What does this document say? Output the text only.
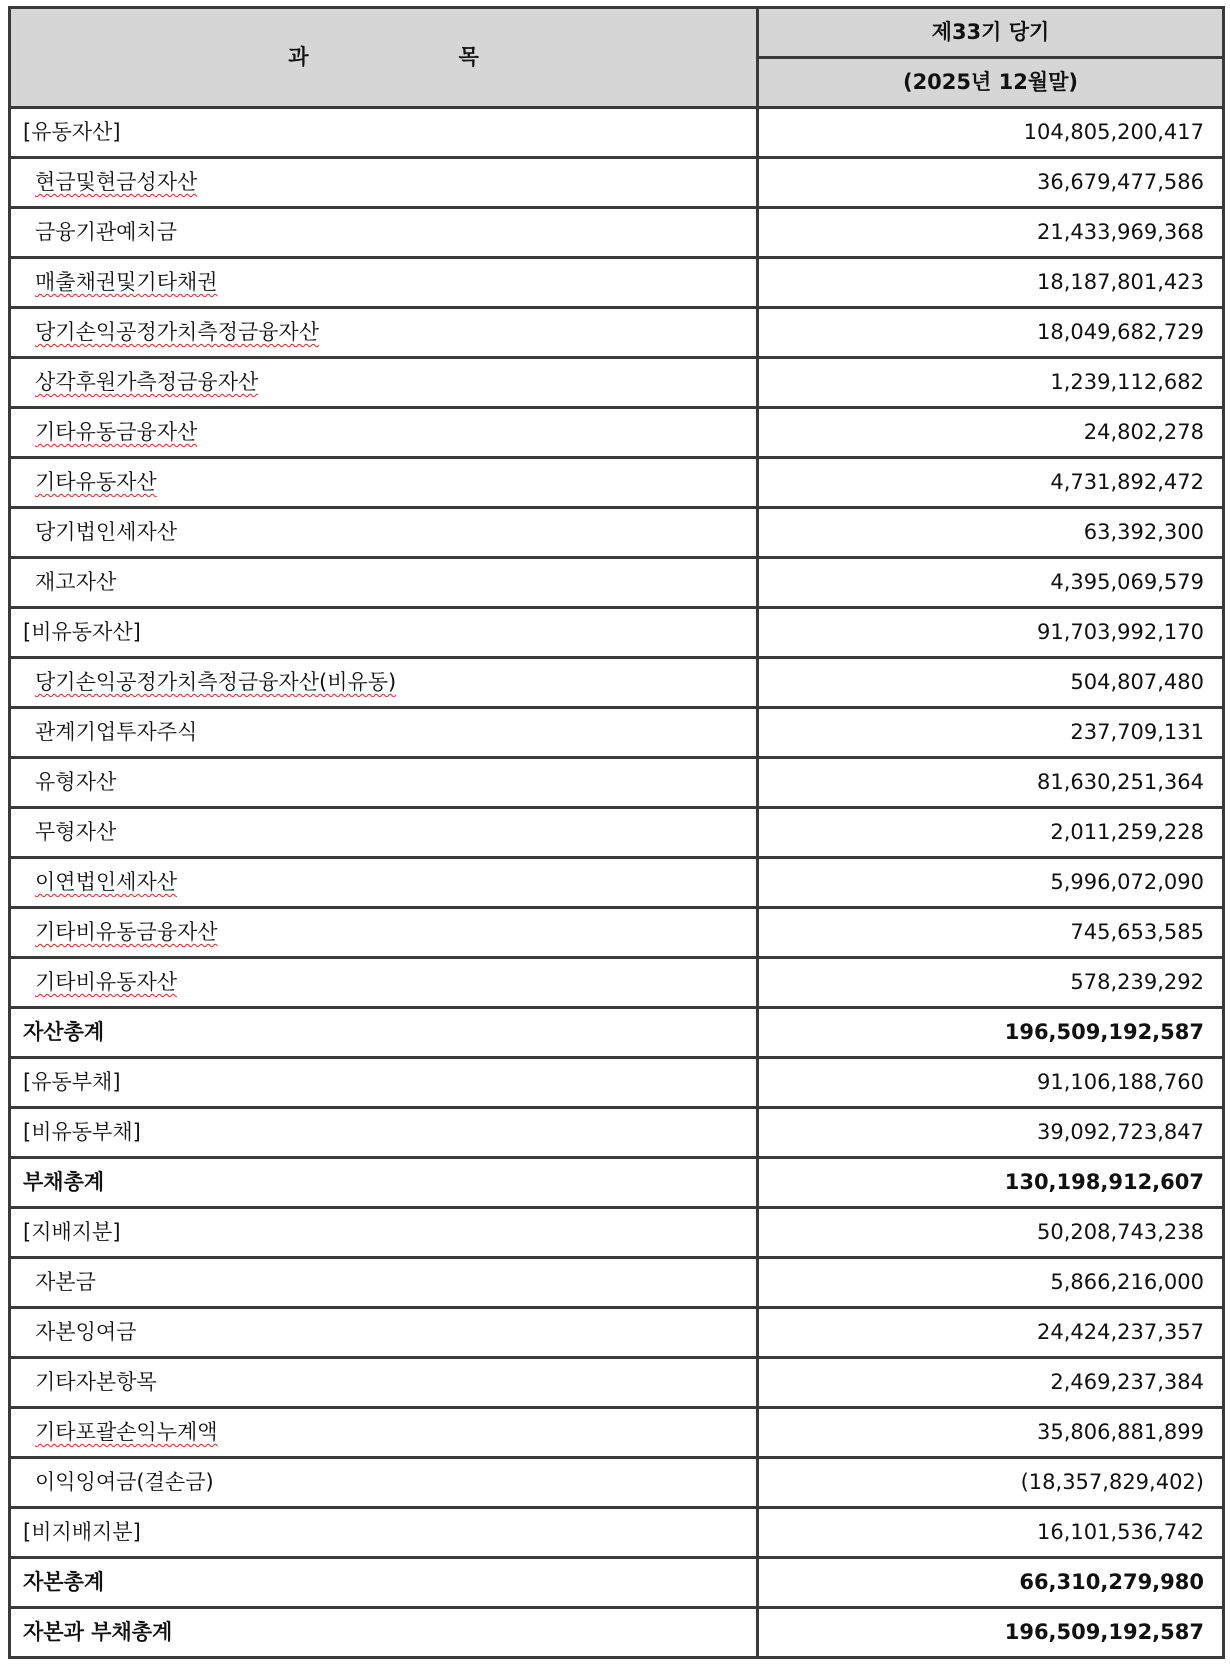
과 목	제33기 당기
	(2025년 12월말)
[유동자산]	104,805,200,417
현금및현금성자산	36,679,477,586
금융기관예치금	21,433,969,368
매출채권및기타채권	18,187,801,423
당기손익공정가치측정금융자산	18,049,682,729
상각후원가측정금융자산	1,239,112,682
기타유동금융자산	24,802,278
기타유동자산	4,731,892,472
당기법인세자산	63,392,300
재고자산	4,395,069,579
[비유동자산]	91,703,992,170
당기손익공정가치측정금융자산(비유동)	504,807,480
관계기업투자주식	237,709,131
유형자산	81,630,251,364
무형자산	2,011,259,228
이연법인세자산	5,996,072,090
기타비유동금융자산	745,653,585
기타비유동자산	578,239,292
자산총계	196,509,192,587
[유동부채]	91,106,188,760
[비유동부채]	39,092,723,847
부채총계	130,198,912,607
[지배지분]	50,208,743,238
자본금	5,866,216,000
자본잉여금	24,424,237,357
기타자본항목	2,469,237,384
기타포괄손익누계액	35,806,881,899
이익잉여금(결손금)	(18,357,829,402)
[비지배지분]	16,101,536,742
자본총계	66,310,279,980
자본과 부채총계	196,509,192,587
